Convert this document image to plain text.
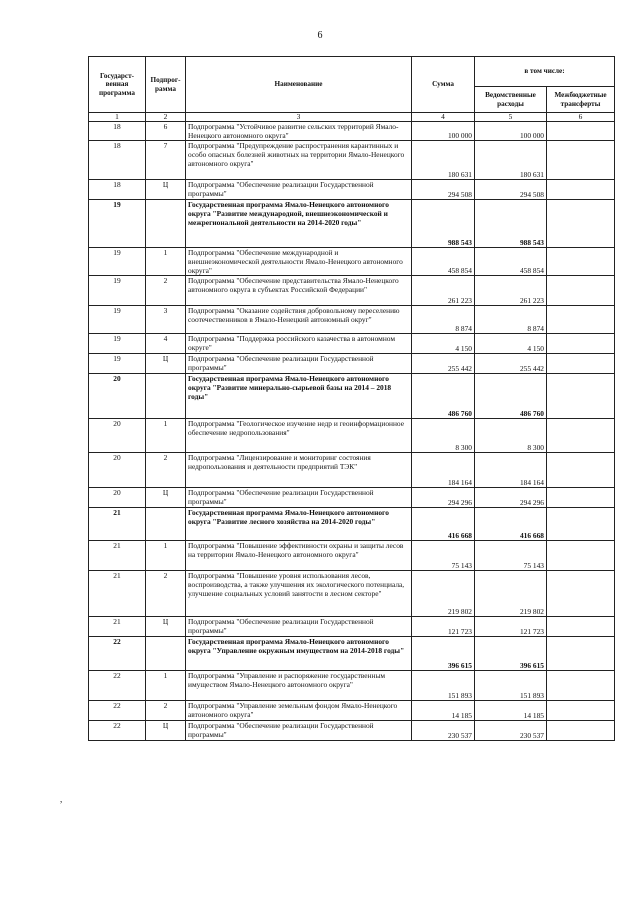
6
Государст-венная программа	Подпрог-рамма	Наименование	Сумма	в том числе:	
				Ведомственные расходы	Межбюджетные трансферты
1	2	3	4	5	6
18	6	Подпрограмма "Устойчивое развитие сельских территорий Ямало-Ненецкого автономного округа"	100 000	100 000	
18	7	Подпрограмма "Предупреждение распространения карантинных и особо опасных болезней животных на территории Ямало-Ненецкого автономного округа"	180 631	180 631	
18	Ц	Подпрограмма "Обеспечение реализации Государственной программы"	294 508	294 508	
19		Государственная программа Ямало-Ненецкого автономного округа "Развитие международной, внешнеэкономической и межрегиональной деятельности на 2014-2020 годы"	988 543	988 543	
19	1	Подпрограмма "Обеспечение международной и внешнеэкономической деятельности Ямало-Ненецкого автономного округа"	458 854	458 854	
19	2	Подпрограмма "Обеспечение представительства Ямало-Ненецкого автономного округа в субъектах Российской Федерации"	261 223	261 223	
19	3	Подпрограмма "Оказание содействия добровольному переселению соотечественников в Ямало-Ненецкий автономный округ"	8 874	8 874	
19	4	Подпрограмма "Поддержка российского казачества в автономном округе"	4 150	4 150	
19	Ц	Подпрограмма "Обеспечение реализации Государственной программы"	255 442	255 442	
20		Государственная программа Ямало-Ненецкого автономного округа "Развитие минерально-сырьевой базы на 2014 – 2018 годы"	486 760	486 760	
20	1	Подпрограмма "Геологическое изучение недр и геоинформационное обеспечение недропользования"	8 300	8 300	
20	2	Подпрограмма "Лицензирование и мониторинг состояния недропользования и деятельности предприятий ТЭК"	184 164	184 164	
20	Ц	Подпрограмма "Обеспечение реализации Государственной программы"	294 296	294 296	
21		Государственная программа Ямало-Ненецкого автономного округа "Развитие лесного хозяйства на 2014-2020 годы"	416 668	416 668	
21	1	Подпрограмма "Повышение эффективности охраны и защиты лесов на территории Ямало-Ненецкого автономного округа"	75 143	75 143	
21	2	Подпрограмма "Повышение уровня использования лесов, воспроизводства, а также улучшения их экологического потенциала, улучшение социальных условий занятости в лесном секторе"	219 802	219 802	
21	Ц	Подпрограмма "Обеспечение реализации Государственной программы"	121 723	121 723	
22		Государственная программа Ямало-Ненецкого автономного округа "Управление окружным имуществом на 2014-2018 годы"	396 615	396 615	
22	1	Подпрограмма "Управление и распоряжение государственным имуществом Ямало-Ненецкого автономного округа"	151 893	151 893	
22	2	Подпрограмма "Управление земельным фондом Ямало-Ненецкого автономного округа"	14 185	14 185	
22	Ц	Подпрограмма "Обеспечение реализации Государственной программы"	230 537	230 537	
,
